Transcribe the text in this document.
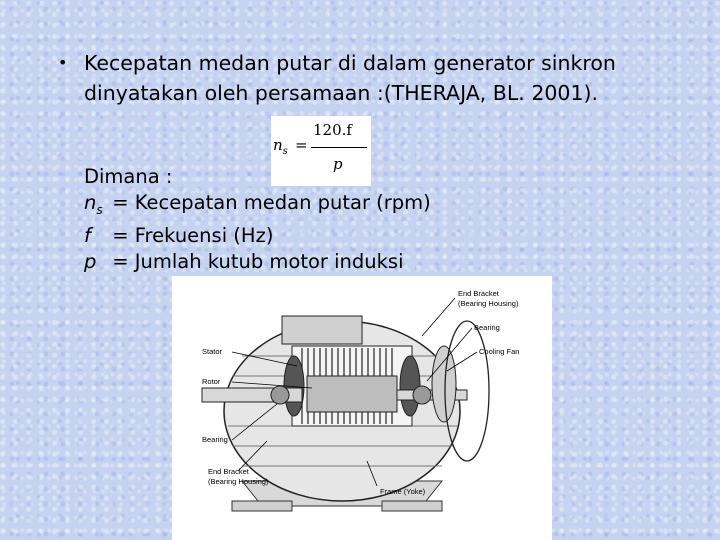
• Kecepatan medan putar di dalam generator sinkron
dinyatakan oleh persamaan :(THERAJA, BL. 2001).
$n_s$ =
120.f
p
Dimana :
$n_s$ = Kecepatan medan putar (rpm)
f = Frekuensi (Hz)
p = Jumlah kutub motor induksi
End Bracket
(Bearing Housing)
Bearing
Cooling Fan
Stator
Rotor
Bearing
End Bracket
(Bearing Housing)
Frame (Yoke)
